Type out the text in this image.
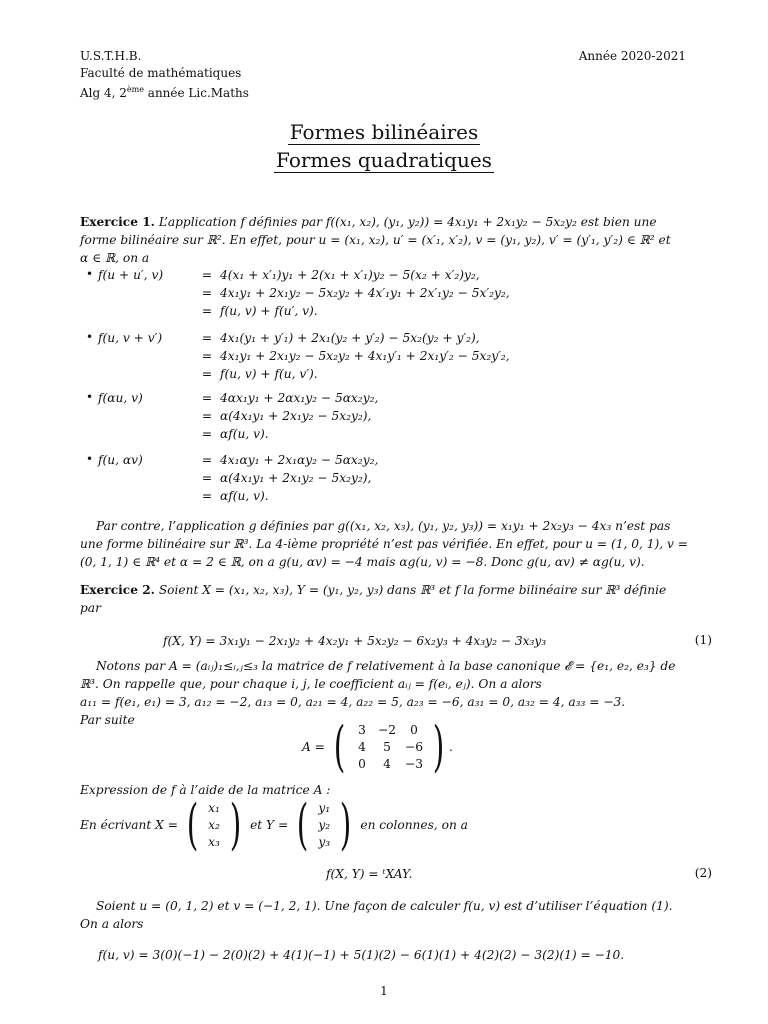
U.S.T.H.B.
Faculté de mathématiques
Alg 4, 2ème année Lic.Maths
Année 2020-2021
Formes bilinéaires
Formes quadratiques
Exercice 1. L’application f définies par f((x₁, x₂), (y₁, y₂)) = 4x₁y₁ + 2x₁y₂ − 5x₂y₂ est bien une
forme bilinéaire sur ℝ². En effet, pour u = (x₁, x₂), u′ = (x′₁, x′₂), v = (y₁, y₂), v′ = (y′₁, y′₂) ∈ ℝ² et
α ∈ ℝ, on a
• f(u + u′, v)	= 4(x₁ + x′₁)y₁ + 2(x₁ + x′₁)y₂ − 5(x₂ + x′₂)y₂,
= 4x₁y₁ + 2x₁y₂ − 5x₂y₂ + 4x′₁y₁ + 2x′₁y₂ − 5x′₂y₂,
= f(u, v) + f(u′, v).
• f(u, v + v′)	= 4x₁(y₁ + y′₁) + 2x₁(y₂ + y′₂) − 5x₂(y₂ + y′₂),
= 4x₁y₁ + 2x₁y₂ − 5x₂y₂ + 4x₁y′₁ + 2x₁y′₂ − 5x₂y′₂,
= f(u, v) + f(u, v′).
• f(αu, v)	= 4αx₁y₁ + 2αx₁y₂ − 5αx₂y₂,
= α(4x₁y₁ + 2x₁y₂ − 5x₂y₂),
= αf(u, v).
• f(u, αv)	= 4x₁αy₁ + 2x₁αy₂ − 5αx₂y₂,
= α(4x₁y₁ + 2x₁y₂ − 5x₂y₂),
= αf(u, v).
Par contre, l’application g définies par g((x₁, x₂, x₃), (y₁, y₂, y₃)) = x₁y₁ + 2x₂y₃ − 4x₃ n’est pas
une forme bilinéaire sur ℝ³. La 4-ième propriété n’est pas vérifiée. En effet, pour u = (1, 0, 1), v =
(0, 1, 1) ∈ ℝ⁴ et α = 2 ∈ ℝ, on a g(u, αv) = −4 mais αg(u, v) = −8. Donc g(u, αv) ≠ αg(u, v).
Exercice 2. Soient X = (x₁, x₂, x₃), Y = (y₁, y₂, y₃) dans ℝ³ et f la forme bilinéaire sur ℝ³ définie
par
f(X, Y) = 3x₁y₁ − 2x₁y₂ + 4x₂y₁ + 5x₂y₂ − 6x₂y₃ + 4x₃y₂ − 3x₃y₃	(1)
Notons par A = (aᵢⱼ)₁≤ᵢ,ⱼ≤₃ la matrice de f relativement à la base canonique 𝓔 = {e₁, e₂, e₃} de
ℝ³. On rappelle que, pour chaque i, j, le coefficient aᵢⱼ = f(eᵢ, eⱼ). On a alors
a₁₁ = f(e₁, e₁) = 3, a₁₂ = −2, a₁₃ = 0, a₂₁ = 4, a₂₂ = 5, a₂₃ = −6, a₃₁ = 0, a₃₂ = 4, a₃₃ = −3.
Par suite
A = (	3 −2	0
4	5	−6
0	4	−3 ) .
Expression de f à l’aide de la matrice A :
En écrivant X = ( x₁
x₂
x₃ ) et Y = ( y₁
y₂
y₃ ) en colonnes, on a
f(X, Y) = ᵗXAY.	(2)
Soient u = (0, 1, 2) et v = (−1, 2, 1). Une façon de calculer f(u, v) est d’utiliser l’équation (1).
On a alors
f(u, v) = 3(0)(−1) − 2(0)(2) + 4(1)(−1) + 5(1)(2) − 6(1)(1) + 4(2)(2) − 3(2)(1) = −10.
1
